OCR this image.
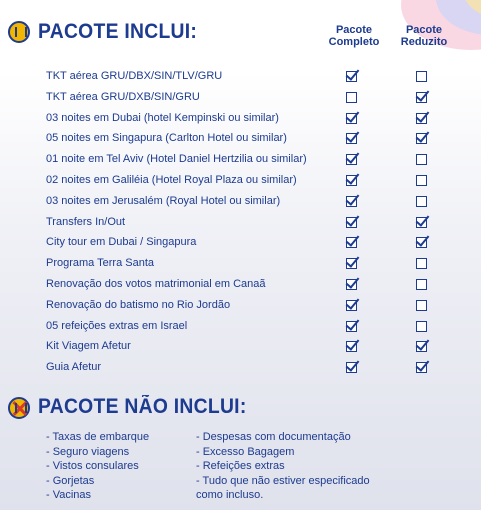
PACOTE INCLUI:	Pacote Completo
Pacote Reduzito
TKT aérea GRU/DBX/SIN/TLV/GRU
TKT aérea GRU/DXB/SIN/GRU
03 noites em Dubai (hotel Kempinski ou similar)
05 noites em Singapura (Carlton Hotel ou similar)
01 noite em Tel Aviv (Hotel Daniel Hertzilia ou similar)
02 noites em Galiléia (Hotel Royal Plaza ou similar)
03 noites em Jerusalém (Royal Hotel ou similar)
Transfers In/Out
City tour em Dubai / Singapura
Programa Terra Santa
Renovação dos votos matrimonial em Canaã
Renovação do batismo no Rio Jordão
05 refeições extras em Israel
Kit Viagem Afetur
Guia Afetur
PACOTE NÃO INCLUI:
- Taxas de embarque
- Seguro viagens
- Vistos consulares
- Gorjetas
- Vacinas
- Despesas com documentação
- Excesso Bagagem
- Refeições extras
- Tudo que não estiver especificado
como incluso.
